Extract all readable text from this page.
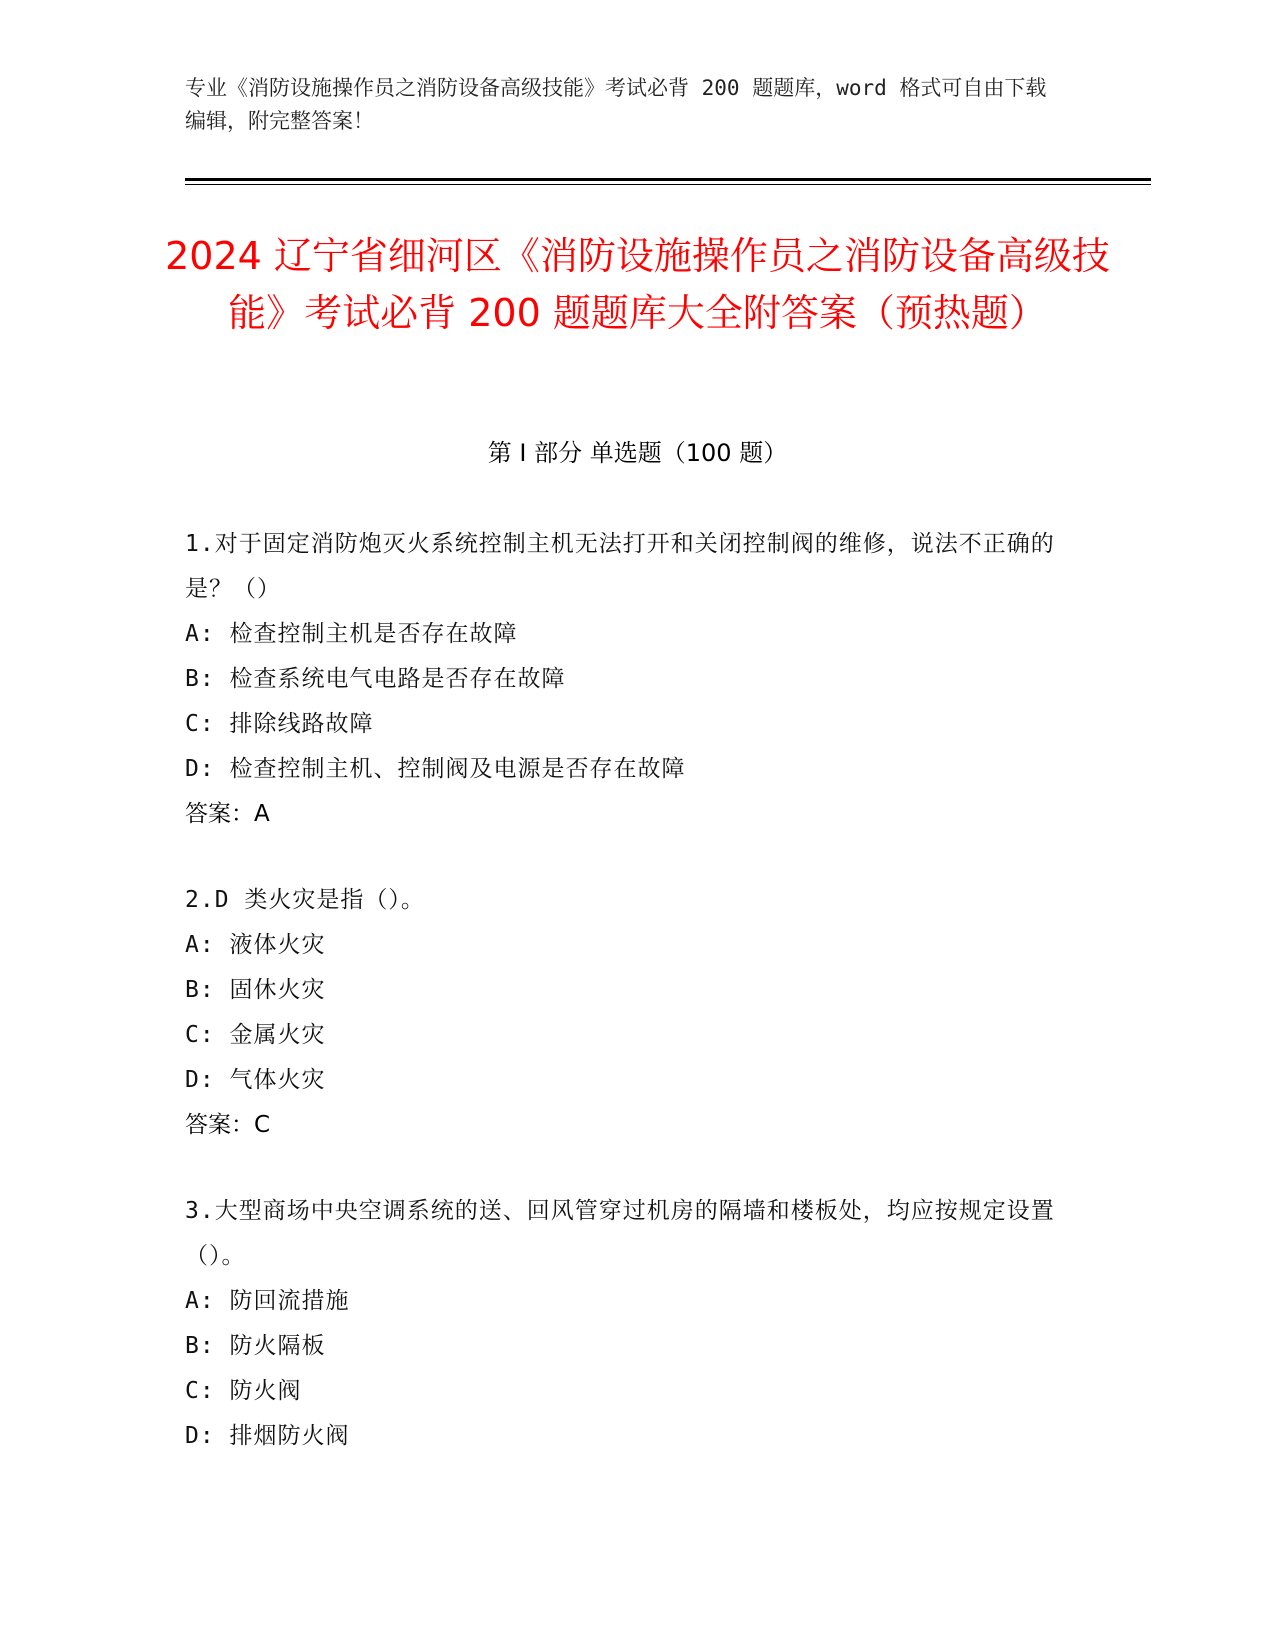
专业《消防设施操作员之消防设备高级技能》考试必背 200 题题库，word 格式可自由下载编辑，附完整答案！
2024 辽宁省细河区《消防设施操作员之消防设备高级技能》考试必背 200 题题库大全附答案（预热题）
第 I 部分 单选题（100 题）

1.对于固定消防炮灭火系统控制主机无法打开和关闭控制阀的维修，说法不正确的是？（）

A: 检查控制主机是否存在故障

B: 检查系统电气电路是否存在故障

C: 排除线路故障

D: 检查控制主机、控制阀及电源是否存在故障

答案：A

2.D 类火灾是指（）。

A: 液体火灾

B: 固休火灾

C: 金属火灾

D: 气体火灾

答案：C

3.大型商场中央空调系统的送、回风管穿过机房的隔墙和楼板处，均应按规定设置（）。

A: 防回流措施

B: 防火隔板

C: 防火阀

D: 排烟防火阀
